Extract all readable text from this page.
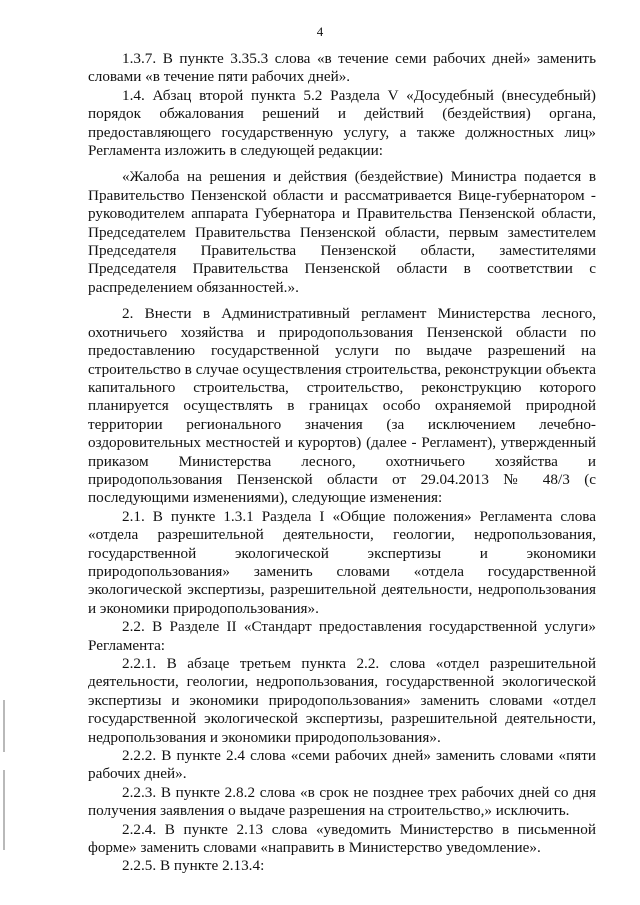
4

1.3.7. В пункте 3.35.3 слова «в течение семи рабочих дней» заменить словами «в течение пяти рабочих дней».

1.4. Абзац второй пункта 5.2 Раздела V «Досудебный (внесудебный) порядок обжалования решений и действий (бездействия) органа, предоставляющего государственную услугу, а также должностных лиц» Регламента изложить в следующей редакции:

«Жалоба на решения и действия (бездействие) Министра подается в Правительство Пензенской области и рассматривается Вице-губернатором - руководителем аппарата Губернатора и Правительства Пензенской области, Председателем Правительства Пензенской области, первым заместителем Председателя Правительства Пензенской области, заместителями Председателя Правительства Пензенской области в соответствии с распределением обязанностей.».

2. Внести в Административный регламент Министерства лесного, охотничьего хозяйства и природопользования Пензенской области по предоставлению государственной услуги по выдаче разрешений на строительство в случае осуществления строительства, реконструкции объекта капитального строительства, строительство, реконструкцию которого планируется осуществлять в границах особо охраняемой природной территории регионального значения (за исключением лечебно-оздоровительных местностей и курортов) (далее - Регламент), утвержденный приказом Министерства лесного, охотничьего хозяйства и природопользования Пензенской области от 29.04.2013 № 48/3 (с последующими изменениями), следующие изменения:

2.1. В пункте 1.3.1 Раздела I «Общие положения» Регламента слова «отдела разрешительной деятельности, геологии, недропользования, государственной экологической экспертизы и экономики природопользования» заменить словами «отдела государственной экологической экспертизы, разрешительной деятельности, недропользования и экономики природопользования».

2.2. В Разделе II «Стандарт предоставления государственной услуги» Регламента:

2.2.1. В абзаце третьем пункта 2.2. слова «отдел разрешительной деятельности, геологии, недропользования, государственной экологической экспертизы и экономики природопользования» заменить словами «отдел государственной экологической экспертизы, разрешительной деятельности, недропользования и экономики природопользования».

2.2.2. В пункте 2.4 слова «семи рабочих дней» заменить словами «пяти рабочих дней».

2.2.3. В пункте 2.8.2 слова «в срок не позднее трех рабочих дней со дня получения заявления о выдаче разрешения на строительство,» исключить.

2.2.4. В пункте 2.13 слова «уведомить Министерство в письменной форме» заменить словами «направить в Министерство уведомление».

2.2.5. В пункте 2.13.4:
